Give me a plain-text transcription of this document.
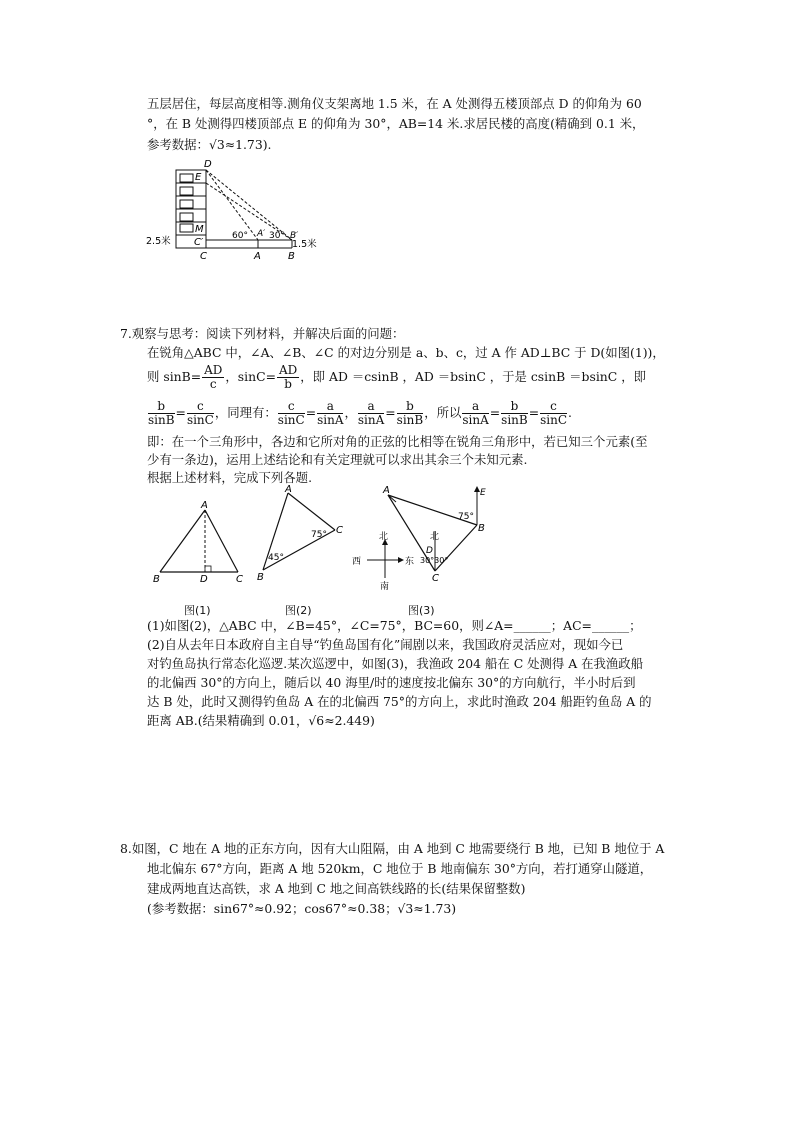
五层居住，每层高度相等.测角仪支架离地 1.5 米，在 A 处测得五楼顶部点 D 的仰角为 60
°，在 B 处测得四楼顶部点 E 的仰角为 30°，AB=14 米.求居民楼的高度(精确到 0.1 米，
参考数据：√3≈1.73).
D
E
M
C′
60° A′ 30° B′
2.5米	1.5米
C	A	B
7.观察与思考：阅读下列材料，并解决后面的问题：
在锐角△ABC 中，∠A、∠B、∠C 的对边分别是 a、b、c，过 A 作 AD⊥BC 于 D(如图(1))，
则 $\sin B= \frac{AD}{c}$ ，$\sin C= \frac{AD}{b}$ ，即 AD ＝csinB ，AD ＝bsinC ，于是 csinB ＝bsinC ，即
$\frac{b}{\sin B} = \frac{c}{\sin C}$ ，同理有： $\frac{c}{\sin C} = \frac{a}{\sin A}$ ， $\frac{a}{\sin A} = \frac{b}{\sin B}$ ，所以 $\frac{a}{\sin A} = \frac{b}{\sin B} = \frac{c}{\sin C}$ .
即：在一个三角形中，各边和它所对角的正弦的比相等在锐角三角形中，若已知三个元素(至
少有一条边)，运用上述结论和有关定理就可以求出其余三个未知元素.
根据上述材料，完成下列各题.
A
B	D	C
图(1)
A
B
C
45°
75°
图(2)
北
南
西	东
A
B
C
D
E
北
75°
30°30°
图(3)
(1)如图(2)，△ABC 中，∠B=45°，∠C=75°，BC=60，则∠A=______；AC=______；
(2)自从去年日本政府自主自导“钓鱼岛国有化”闹剧以来，我国政府灵活应对，现如今已
对钓鱼岛执行常态化巡逻.某次巡逻中，如图(3)，我渔政 204 船在 C 处测得 A 在我渔政船
的北偏西 30°的方向上，随后以 40 海里/时的速度按北偏东 30°的方向航行，半小时后到
达 B 处，此时又测得钓鱼岛 A 在的北偏西 75°的方向上，求此时渔政 204 船距钓鱼岛 A 的
距离 AB.(结果精确到 0.01，√6≈2.449)
8.如图，C 地在 A 地的正东方向，因有大山阻隔，由 A 地到 C 地需要绕行 B 地，已知 B 地位于 A
地北偏东 67°方向，距离 A 地 520km，C 地位于 B 地南偏东 30°方向，若打通穿山隧道，
建成两地直达高铁，求 A 地到 C 地之间高铁线路的长(结果保留整数)
(参考数据：sin67°≈0.92；cos67°≈0.38；√3≈1.73)
